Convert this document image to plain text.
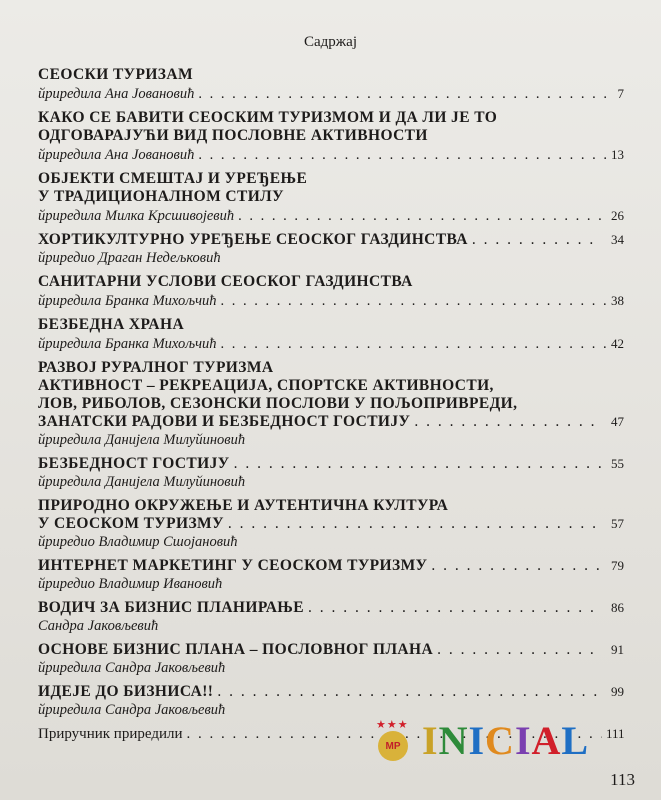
Садржај
СЕОСКИ ТУРИЗАМ
йриредила Ана Јовановић . . .	7
КАКО СЕ БАВИТИ СЕОСКИМ ТУРИЗМОМ И ДА ЛИ ЈЕ ТО
ОДГОВАРАЈУЋИ ВИД ПОСЛОВНЕ АКТИВНОСТИ
йриредила Ана Јовановић . . .	13
ОБЈЕКТИ СМЕШТАЈ И УРЕЂЕЊЕ
У ТРАДИЦИОНАЛНОМ СТИЛУ
йриредила Милка Крсшивојевић . . .	26
ХОРТИКУЛТУРНО УРЕЂЕЊЕ СЕОСКОГ ГАЗДИНСТВА . . .	34
йриредио Драган Недељковић
САНИТАРНИ УСЛОВИ СЕОСКОГ ГАЗДИНСТВА
йриредила Бранка Михољчић . . .	38
БЕЗБЕДНА ХРАНА
йриредила Бранка Михољчић . . .	42
РАЗВОЈ РУРАЛНОГ ТУРИЗМА
АКТИВНОСТ – РЕКРЕАЦИЈА, СПОРТСКЕ АКТИВНОСТИ,
ЛОВ, РИБОЛОВ, СЕЗОНСКИ ПОСЛОВИ У ПОЉОПРИВРЕДИ,
ЗАНАТСКИ РАДОВИ И БЕЗБЕДНОСТ ГОСТИЈУ . . .	47
йриредила Данијела Милуйиновић
БЕЗБЕДНОСТ ГОСТИЈУ . . .	55
йриредила Данијела Милуйиновић
ПРИРОДНО ОКРУЖЕЊЕ И АУТЕНТИЧНА КУЛТУРА
У СЕОСКОМ ТУРИЗМУ . . .	57
йриредио Владимир Сшојановић
ИНТЕРНЕТ МАРКЕТИНГ У СЕОСКОМ ТУРИЗМУ . . .	79
йриредио Владимир Ивановић
ВОДИЧ ЗА БИЗНИС ПЛАНИРАЊЕ . . .	86
Сандра Јаковљевић
ОСНОВЕ БИЗНИС ПЛАНА – ПОСЛОВНОГ ПЛАНА . . .	91
йриредила Сандра Јаковљевић
ИДЕЈЕ ДО БИЗНИСА!! . . .	99
йриредила Сандра Јаковљевић
Приручник приредили . . .	111
113
★★★
MP INICIAL
